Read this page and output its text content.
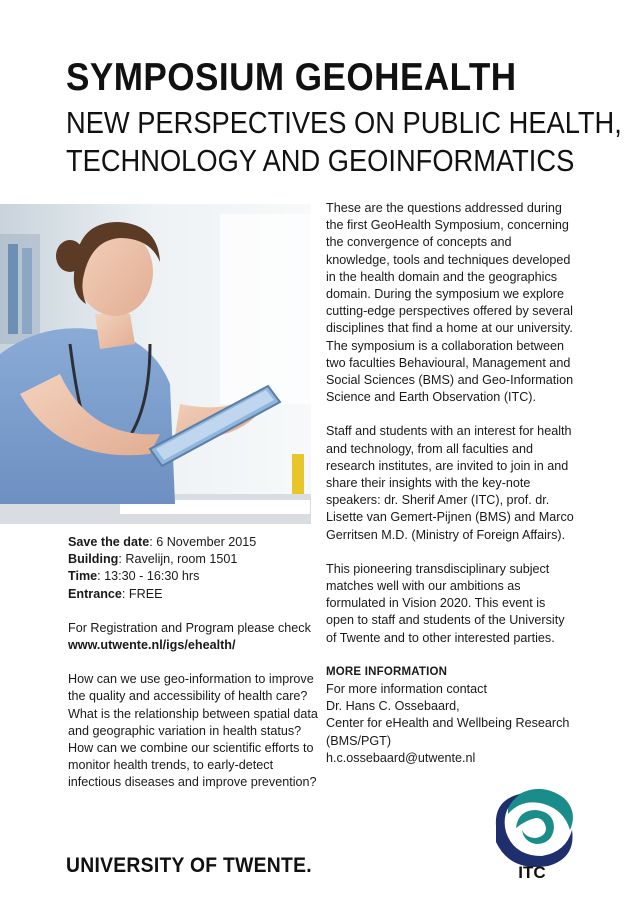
SYMPOSIUM GEOHEALTH
NEW PERSPECTIVES ON PUBLIC HEALTH,
TECHNOLOGY AND GEOINFORMATICS

Save the date: 6 November 2015

Building: Ravelijn, room 1501

Time: 13:30 - 16:30 hrs

Entrance: FREE

For Registration and Program please check

www.utwente.nl/igs/ehealth/

How can we use geo-information to improve the quality and accessibility of health care? What is the relationship between spatial data and geographic variation in health status? How can we combine our scientific efforts to monitor health trends, to early-detect infectious diseases and improve prevention?

These are the questions addressed during the first GeoHealth Symposium, concerning the convergence of concepts and knowledge, tools and techniques developed in the health domain and the geographics domain. During the symposium we explore cutting-edge perspectives offered by several disciplines that find a home at our university. The symposium is a collaboration between two faculties Behavioural, Management and Social Sciences (BMS) and Geo-Information Science and Earth Observation (ITC).

Staff and students with an interest for health and technology, from all faculties and research institutes, are invited to join in and share their insights with the key-note speakers: dr. Sherif Amer (ITC), prof. dr. Lisette van Gemert-Pijnen (BMS) and Marco Gerritsen M.D. (Ministry of Foreign Affairs).

This pioneering transdisciplinary subject matches well with our ambitions as formulated in Vision 2020. This event is open to staff and students of the University of Twente and to other interested parties.

MORE INFORMATION

For more information contact

Dr. Hans C. Ossebaard,

Center for eHealth and Wellbeing Research (BMS/PGT)

h.c.ossebaard@utwente.nl

UNIVERSITY OF TWENTE.	ITC
